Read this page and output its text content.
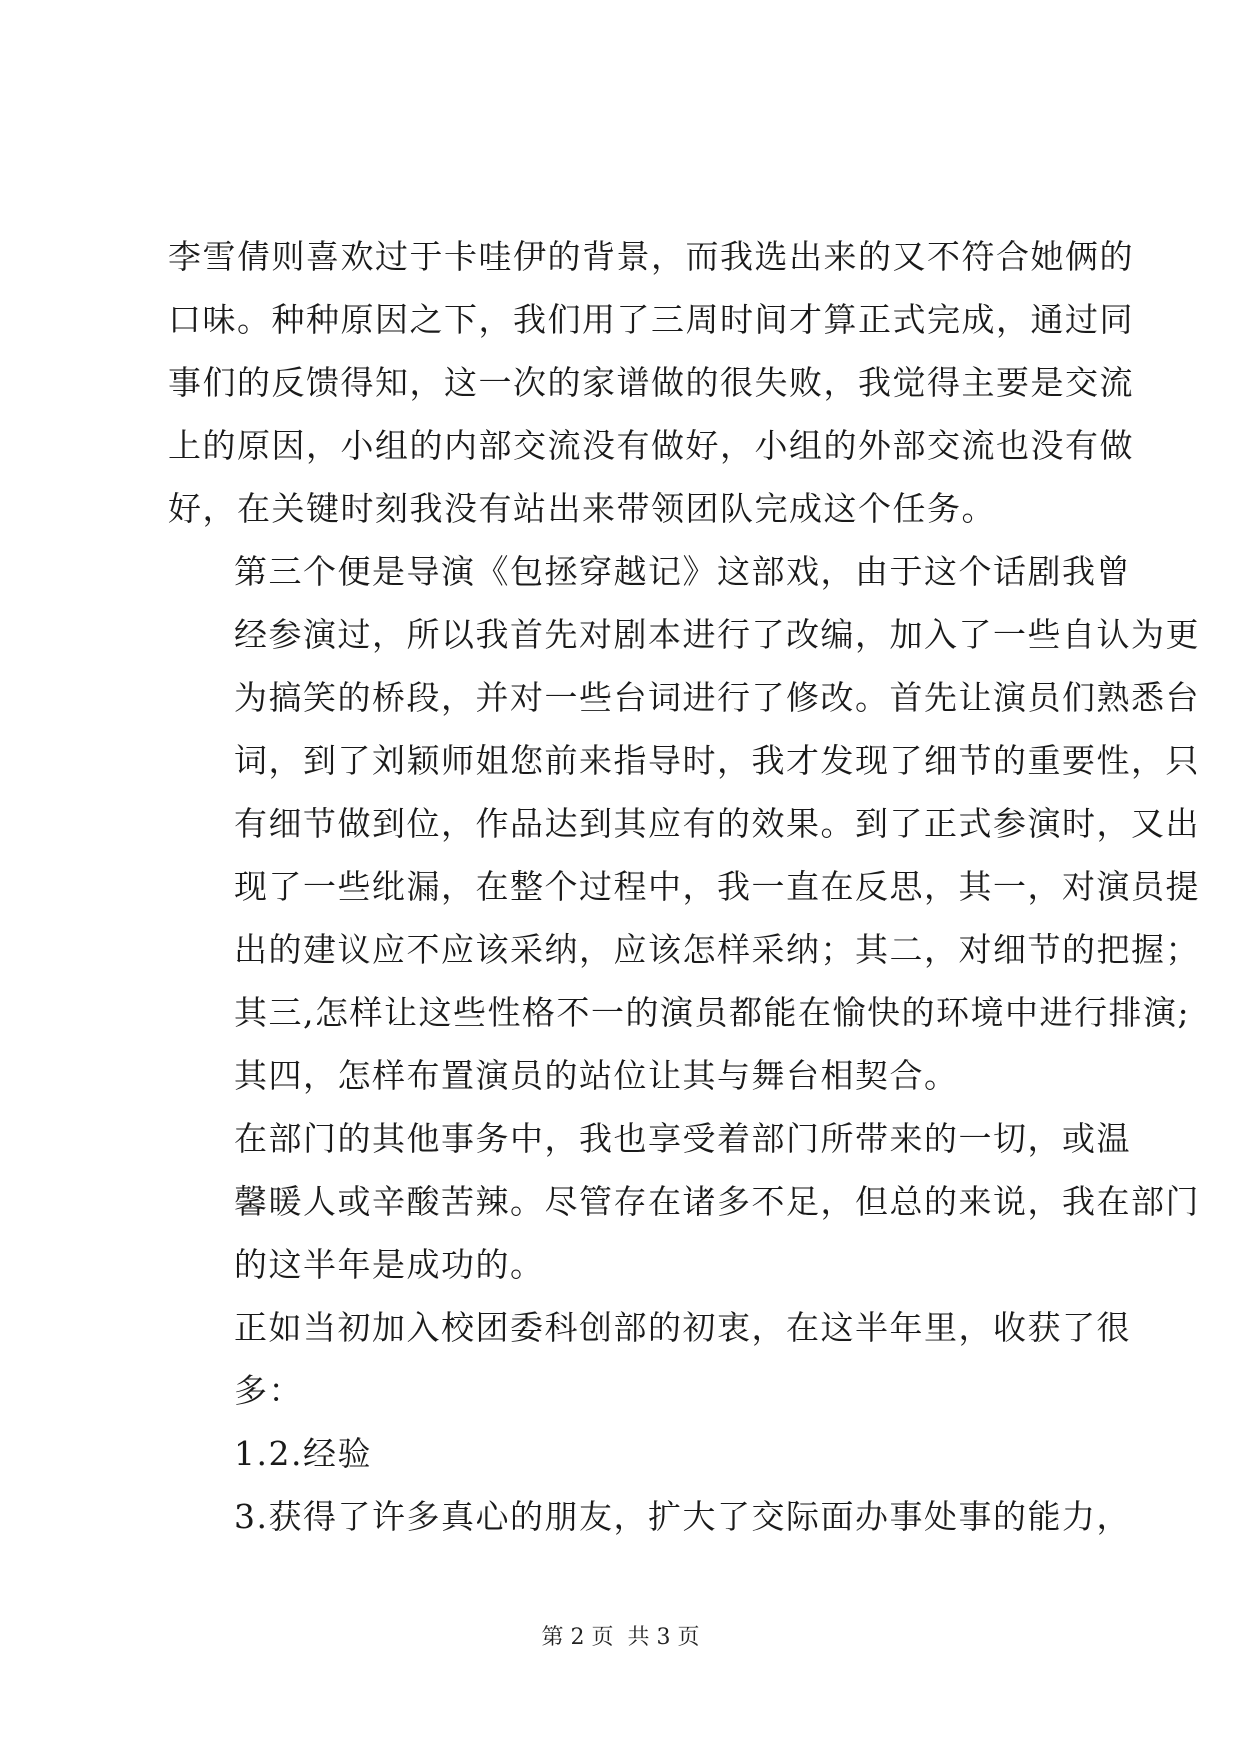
李雪倩则喜欢过于卡哇伊的背景，而我选出来的又不符合她俩的
口味。种种原因之下，我们用了三周时间才算正式完成，通过同
事们的反馈得知，这一次的家谱做的很失败，我觉得主要是交流
上的原因，小组的内部交流没有做好，小组的外部交流也没有做
好，在关键时刻我没有站出来带领团队完成这个任务。

第三个便是导演《包拯穿越记》这部戏，由于这个话剧我曾
经参演过，所以我首先对剧本进行了改编，加入了一些自认为更
为搞笑的桥段，并对一些台词进行了修改。首先让演员们熟悉台
词，到了刘颖师姐您前来指导时，我才发现了细节的重要性，只
有细节做到位，作品达到其应有的效果。到了正式参演时，又出
现了一些纰漏，在整个过程中，我一直在反思，其一，对演员提
出的建议应不应该采纳，应该怎样采纳；其二，对细节的把握；
其三,怎样让这些性格不一的演员都能在愉快的环境中进行排演;
其四，怎样布置演员的站位让其与舞台相契合。

在部门的其他事务中，我也享受着部门所带来的一切，或温
馨暖人或辛酸苦辣。尽管存在诸多不足，但总的来说，我在部门
的这半年是成功的。

正如当初加入校团委科创部的初衷，在这半年里，收获了很
多：

1.2.经验

3.获得了许多真心的朋友，扩大了交际面办事处事的能力，

第 2 页  共 3 页
